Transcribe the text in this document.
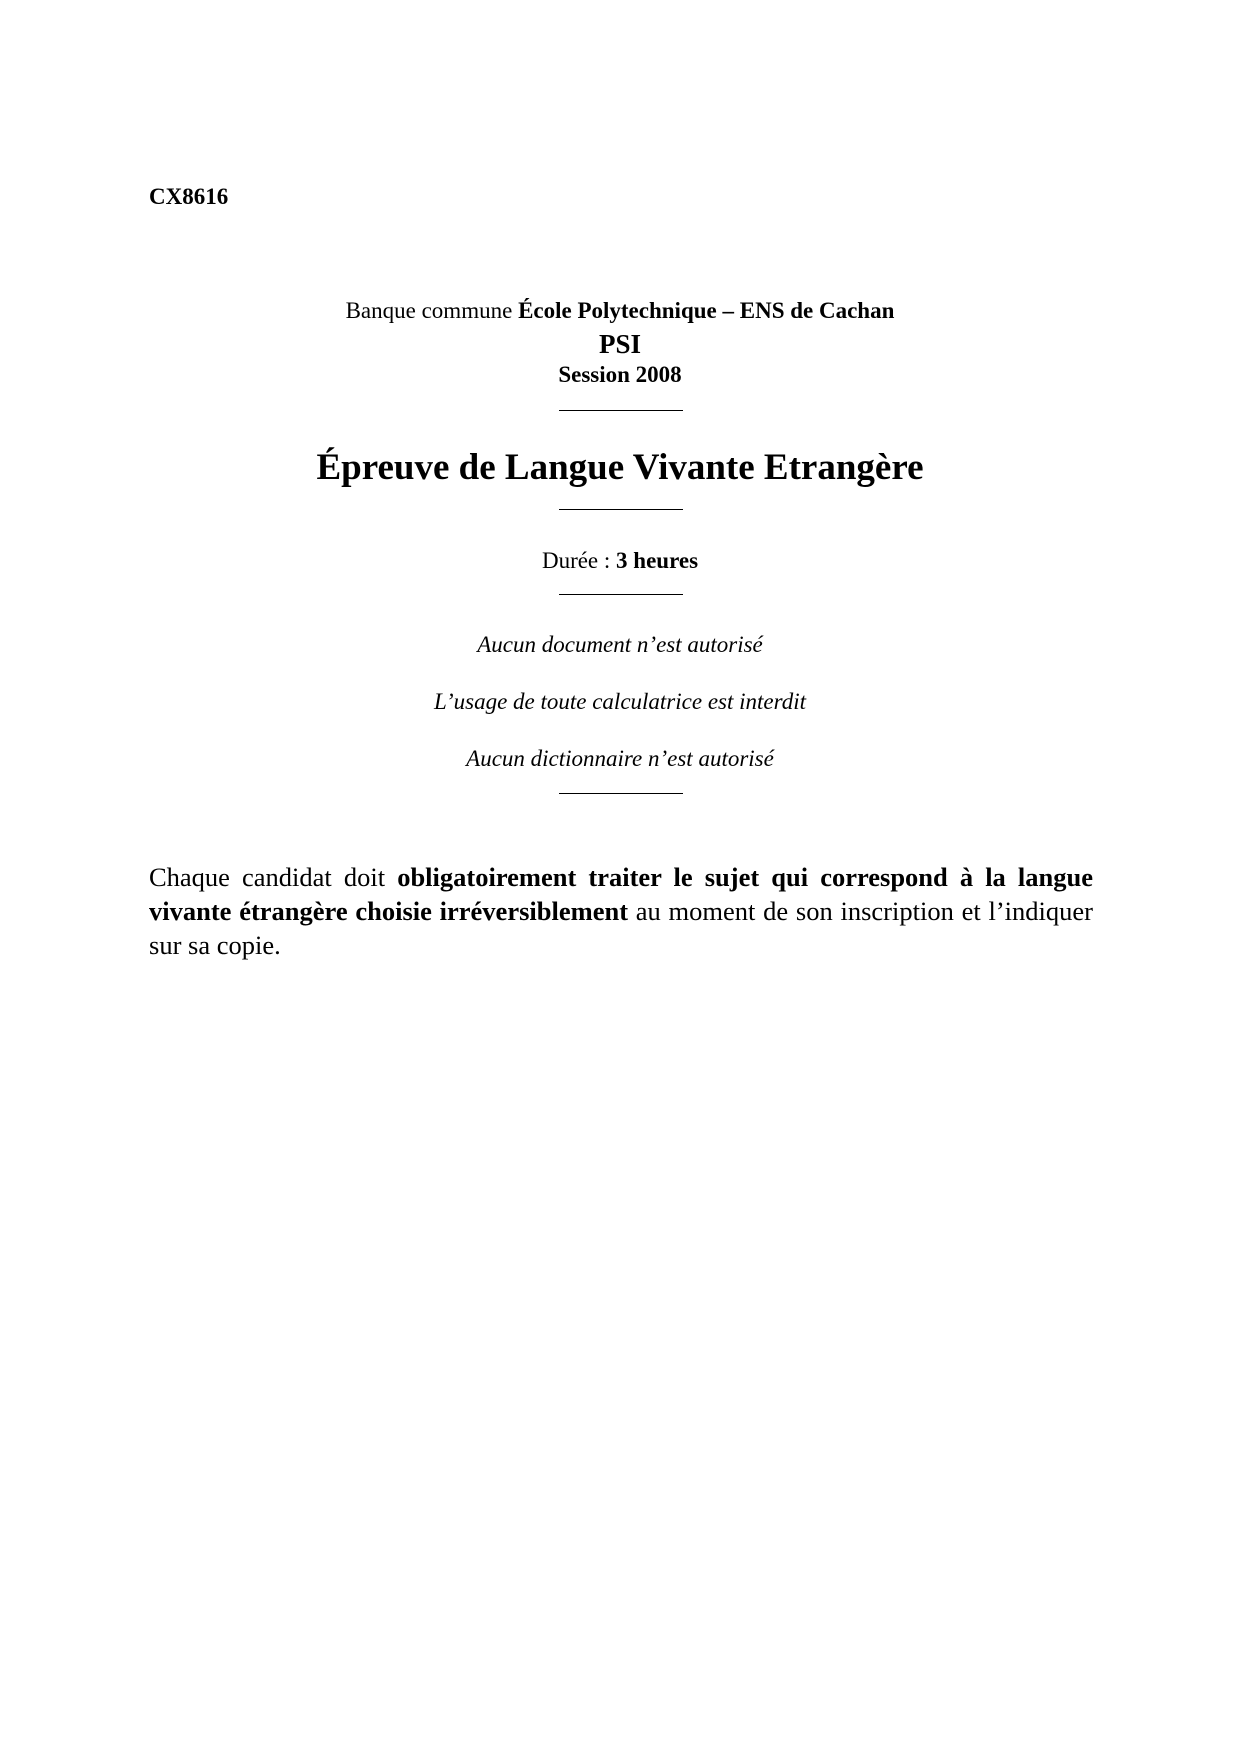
CX8616
Banque commune École Polytechnique – ENS de Cachan
PSI
Session 2008
Épreuve de Langue Vivante Etrangère
Durée : 3 heures
Aucun document n’est autorisé
L’usage de toute calculatrice est interdit
Aucun dictionnaire n’est autorisé
Chaque candidat doit obligatoirement traiter le sujet qui correspond à la langue vivante étrangère choisie irréversiblement au moment de son inscription et l’indiquer sur sa copie.
